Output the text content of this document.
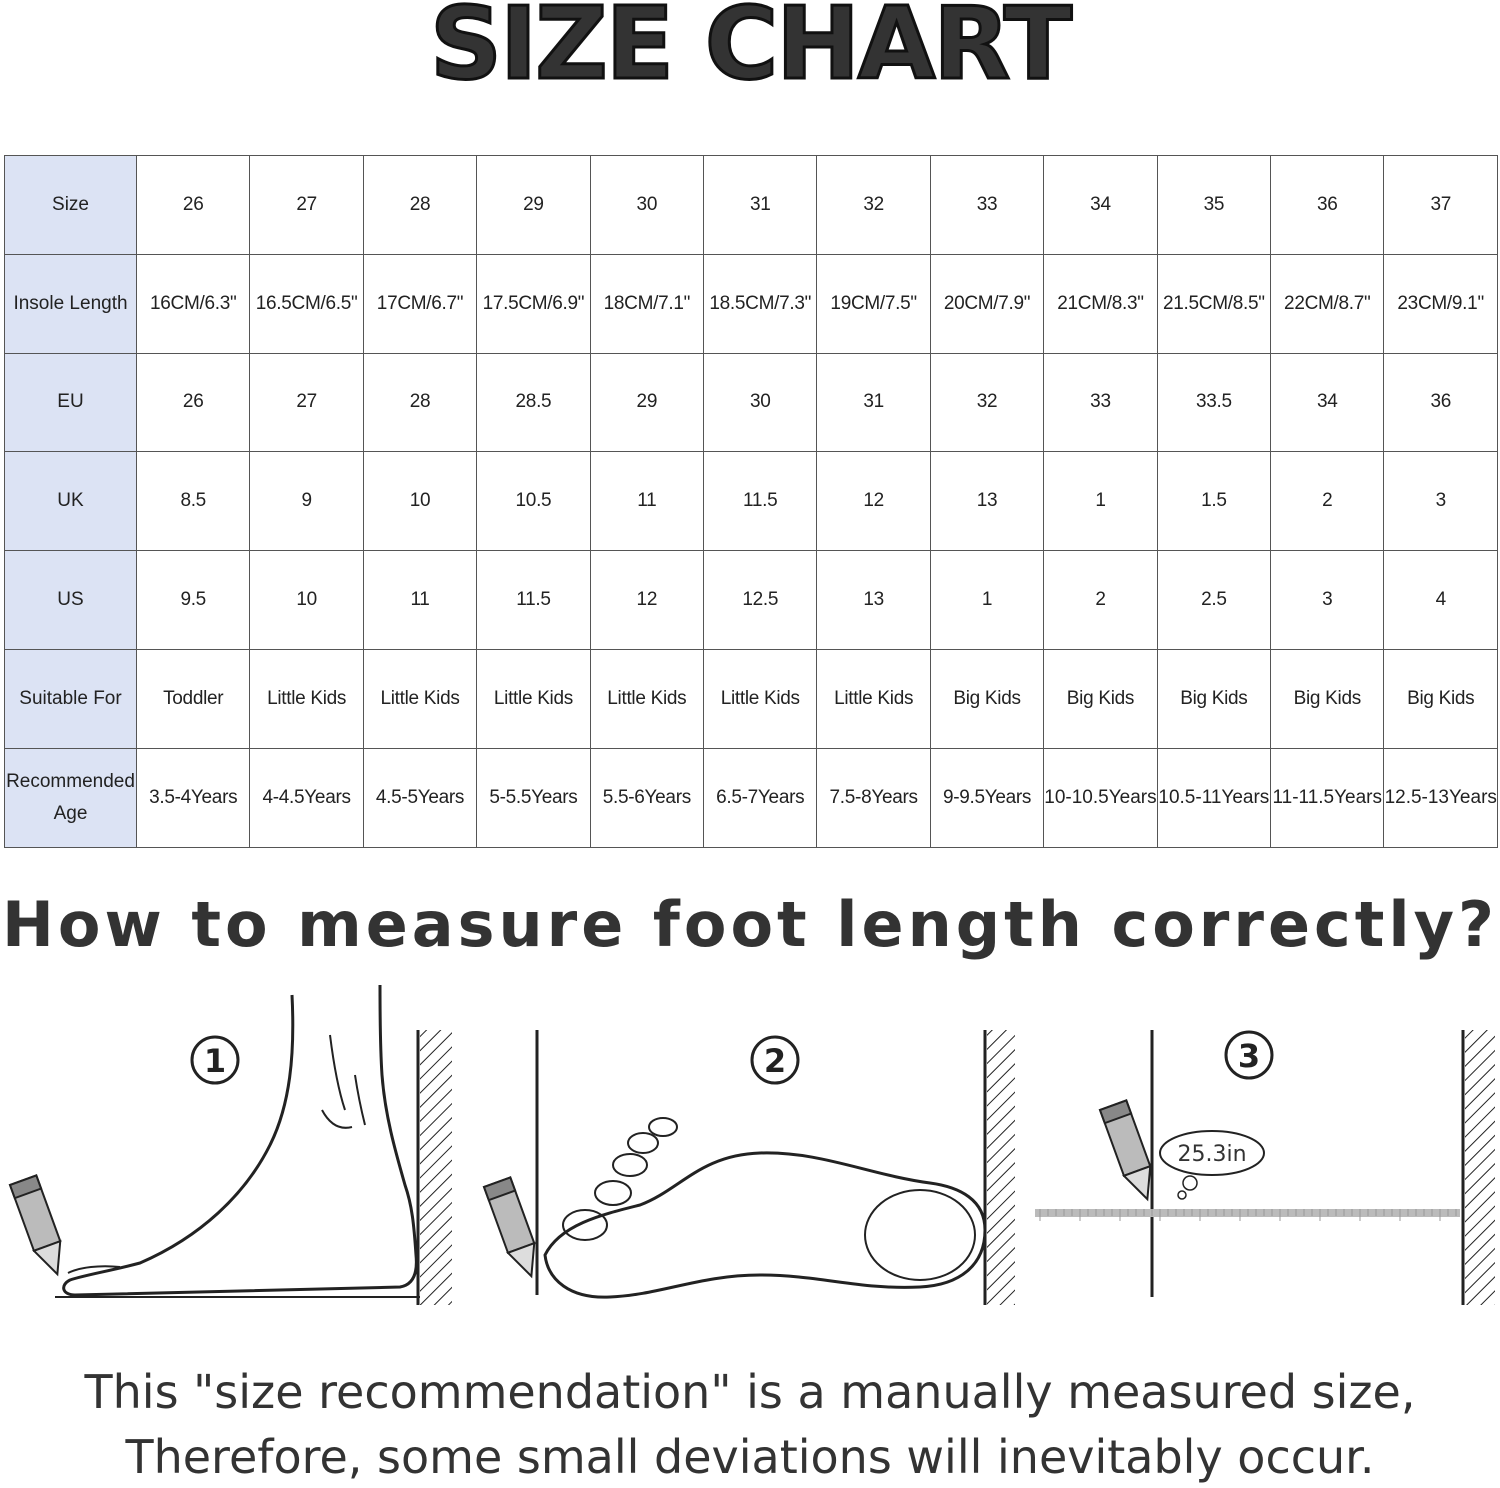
SIZE CHART
Size	26	27	28	29	30	31	32	33	34	35	36	37
Insole Length	16CM/6.3"	16.5CM/6.5"	17CM/6.7"	17.5CM/6.9"	18CM/7.1"	18.5CM/7.3"	19CM/7.5"	20CM/7.9"	21CM/8.3"	21.5CM/8.5"	22CM/8.7"	23CM/9.1''
EU	26	27	28	28.5	29	30	31	32	33	33.5	34	36
UK	8.5	9	10	10.5	11	11.5	12	13	1	1.5	2	3
US	9.5	10	11	11.5	12	12.5	13	1	2	2.5	3	4
Suitable For	Toddler	Little Kids	Little Kids	Little Kids	Little Kids	Little Kids	Little Kids	Big Kids	Big Kids	Big Kids	Big Kids	Big Kids
Recommended Age	3.5-4Years	4-4.5Years	4.5-5Years	5-5.5Years	5.5-6Years	6.5-7Years	7.5-8Years	9-9.5Years	10-10.5Years	10.5-11Years	11-11.5Years	12.5-13Years
How to measure foot length correctly?
1	2
25.3in
3
This "size recommendation" is a manually measured size,
Therefore, some small deviations will inevitably occur.
